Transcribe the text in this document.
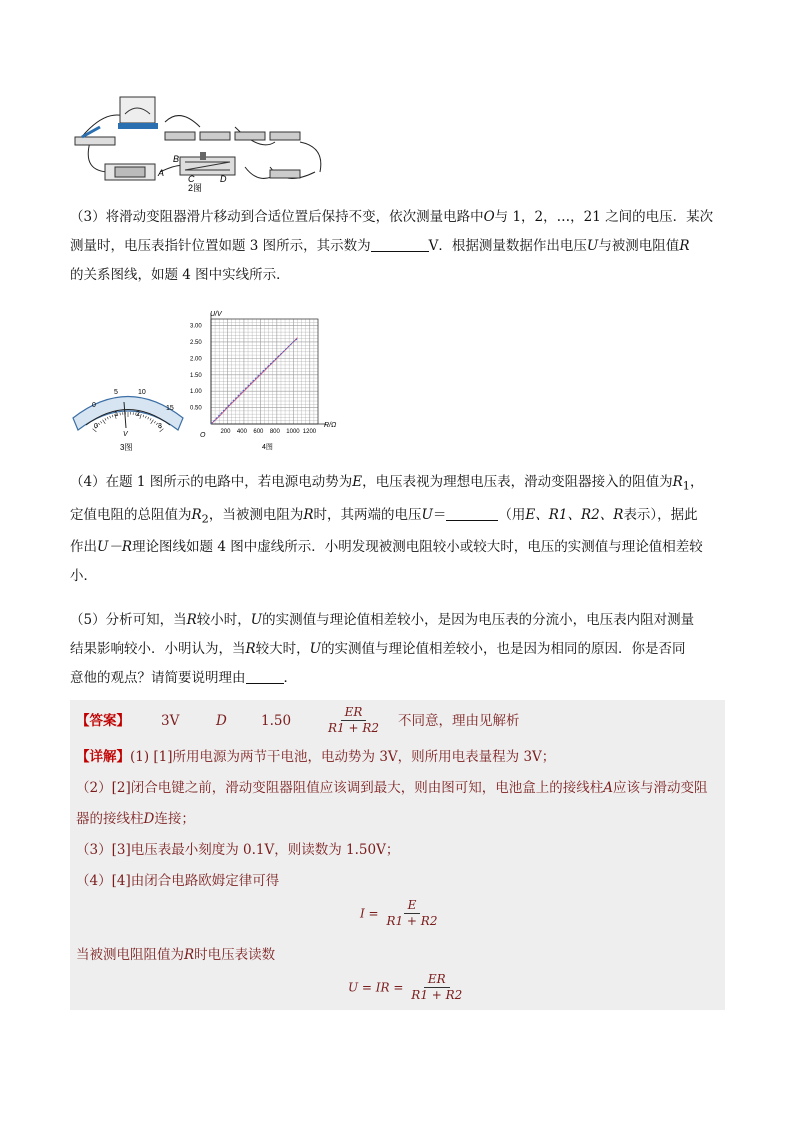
A
B
C	D
2图
（3）将滑动变阻器滑片移动到合适位置后保持不变，依次测量电路中O与 1，2，…，21 之间的电压．某次测量时，电压表指针位置如题 3 图所示，其示数为	V．根据测量数据作出电压U与被测电阻值R
的关系图线，如题 4 图中实线所示．
0
5	10
15
0
1	2
3
V
3图
U/V
R/Ω
O
4图
200 400 600 800 1000 1200
0.50
1.00
1.50
2.00
2.50
3.00
（4）在题 1 图所示的电路中，若电源电动势为E，电压表视为理想电压表，滑动变阻器接入的阻值为$R_1$，
定值电阻的总阻值为$R_2$，当被测电阻为R时，其两端的电压U＝	（用E、R1、R2、R表示），据此
作出U－R理论图线如题 4 图中虚线所示．小明发现被测电阻较小或较大时，电压的实测值与理论值相差较
小．
（5）分析可知，当R较小时，U的实测值与理论值相差较小，是因为电压表的分流小，电压表内阻对测量
结果影响较小．小明认为，当R较大时，U的实测值与理论值相差较小，也是因为相同的原因．你是否同
意他的观点？请简要说明理由	．
【答案】 3V	D	1.50	$\frac{ER}{R1 + R2}$ 不同意，理由见解析
【详解】(1) [1]所用电源为两节干电池，电动势为 3V，则所用电表量程为 3V；
（2）[2]闭合电键之前，滑动变阻器阻值应该调到最大，则由图可知，电池盒上的接线柱A应该与滑动变阻
器的接线柱D连接；
（3）[3]电压表最小刻度为 0.1V，则读数为 1.50V；
（4）[4]由闭合电路欧姆定律可得
$I = \frac{E}{R1 + R2}$
当被测电阻阻值为R时电压表读数
U = IR = $\frac{ER}{R1 + R2}$
